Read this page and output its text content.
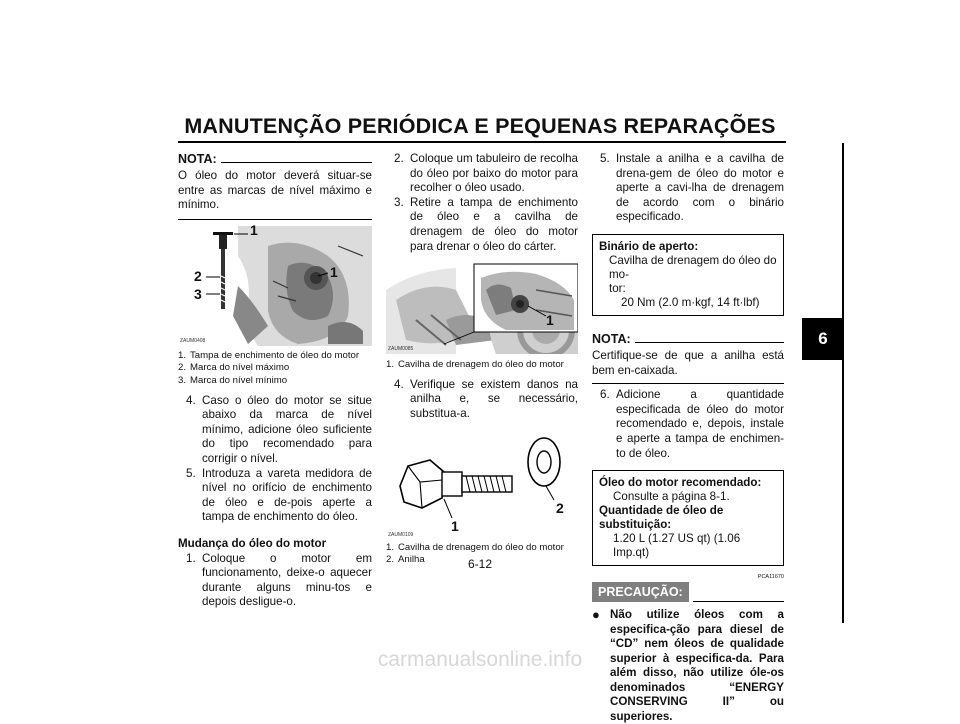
MANUTENÇÃO PERIÓDICA E PEQUENAS REPARAÇÕES
6
NOTA:
O óleo do motor deverá situar-se entre as marcas de nível máximo e mínimo.
1
2
3
1
ZAUM0408
1. Tampa de enchimento de óleo do motor
2. Marca do nível máximo
3. Marca do nível mínimo
4. Caso o óleo do motor se situe abaixo da marca de nível mínimo, adicione óleo suficiente do tipo recomendado para corrigir o nível.
5. Introduza a vareta medidora de nível no orifício de enchimento de óleo e de-pois aperte a tampa de enchimento do óleo.
Mudança do óleo do motor
1. Coloque o motor em funcionamento, deixe-o aquecer durante alguns minu-tos e depois desligue-o.
2. Coloque um tabuleiro de recolha do óleo por baixo do motor para recolher o óleo usado.
3. Retire a tampa de enchimento de óleo e a cavilha de drenagem de óleo do motor para drenar o óleo do cárter.
1
ZAUM0085
1. Cavilha de drenagem do óleo do motor
4. Verifique se existem danos na anilha e, se necessário, substitua-a.
1
2
ZAUM0109
1. Cavilha de drenagem do óleo do motor
2. Anilha
5. Instale a anilha e a cavilha de drena-gem de óleo do motor e aperte a cavi-lha de drenagem de acordo com o binário especificado.
Binário de aperto:
Cavilha de drenagem do óleo do mo-
tor:
20 Nm (2.0 m·kgf, 14 ft·lbf)
NOTA:
Certifique-se de que a anilha está bem en-caixada.
6. Adicione a quantidade especificada de óleo do motor recomendado e, depois, instale e aperte a tampa de enchimen-to de óleo.
Óleo do motor recomendado:
Consulte a página 8-1.
Quantidade de óleo de substituição:
1.20 L (1.27 US qt) (1.06 Imp.qt)
PCA11670
PRECAUÇÃO:
● Não utilize óleos com a especifica-ção para diesel de “CD” nem óleos de qualidade superior à especifica-da. Para além disso, não utilize óle-os denominados “ENERGY CONSERVING II” ou superiores.
6-12
carmanualsonline.info
